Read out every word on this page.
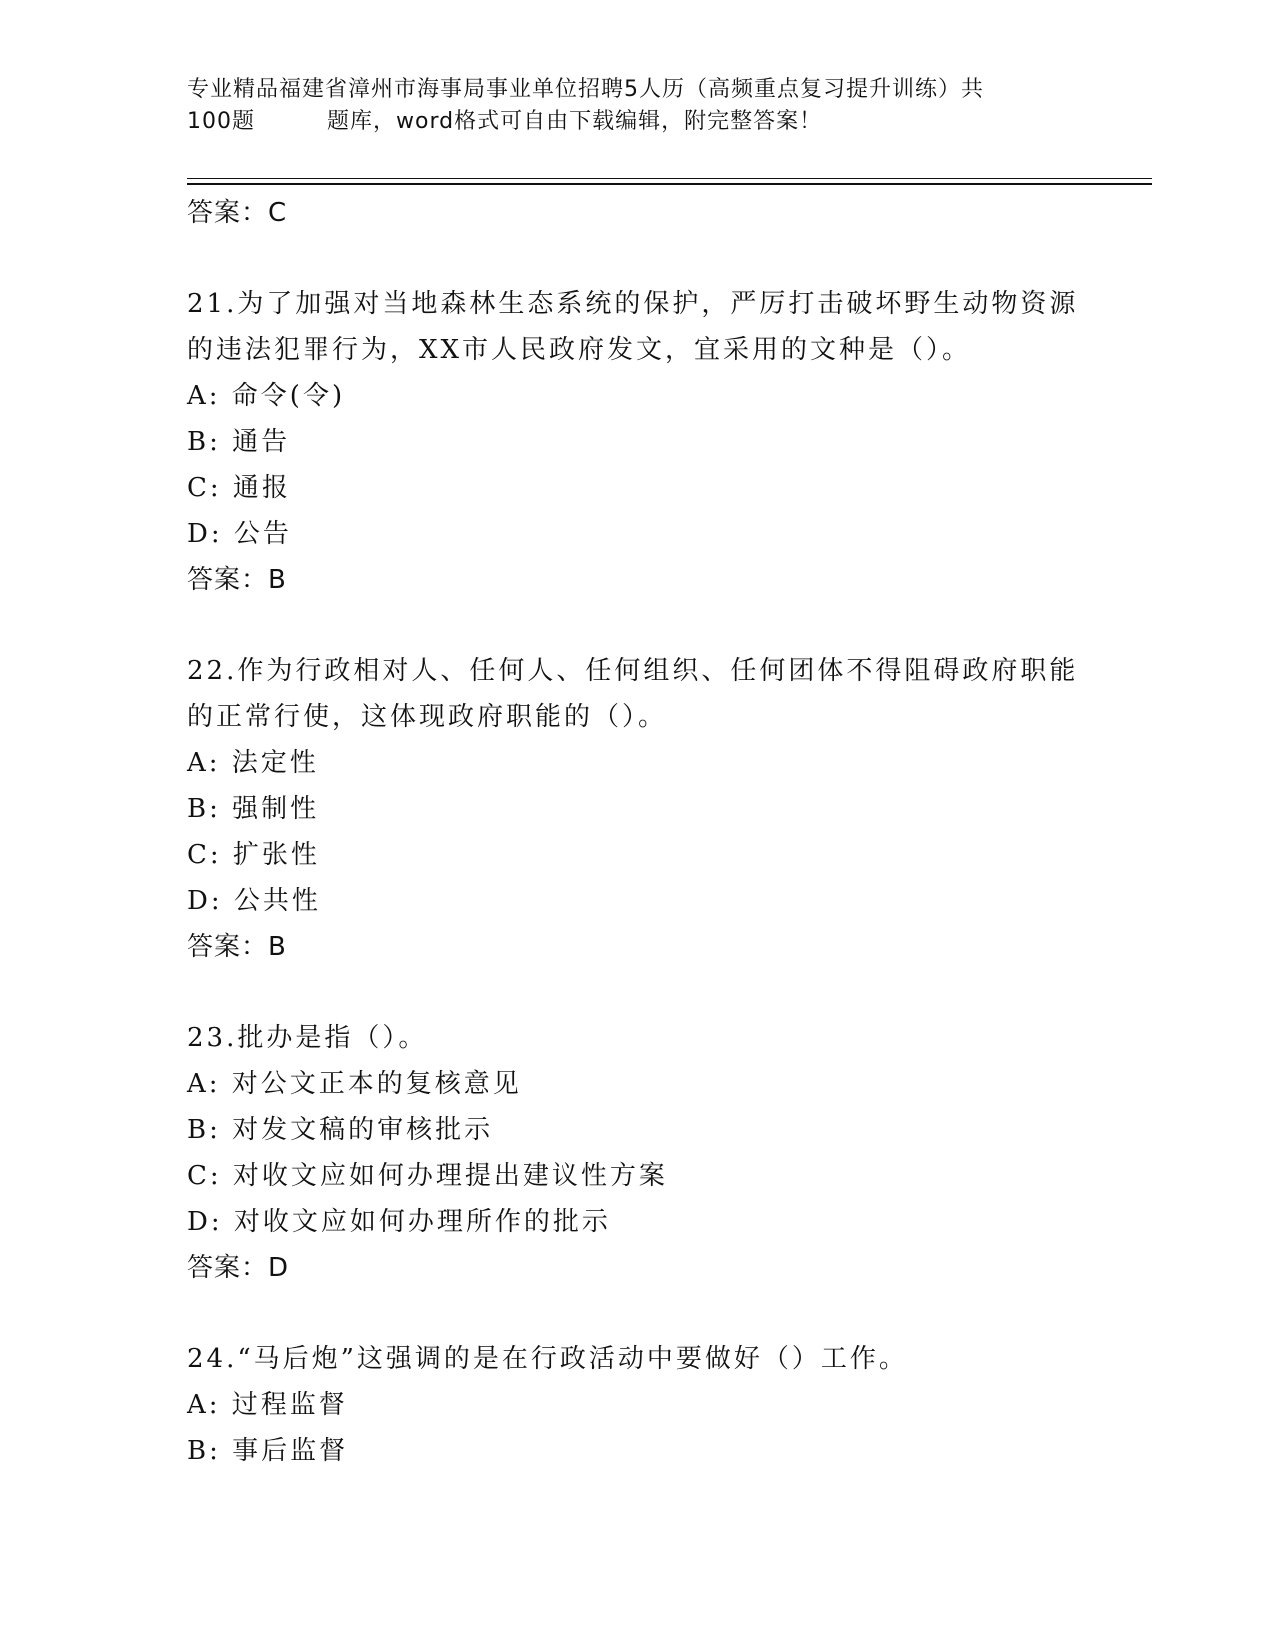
专业精品福建省漳州市海事局事业单位招聘5人历（高频重点复习提升训练）共
100题	题库，word格式可自由下载编辑，附完整答案！
答案：C
21.为了加强对当地森林生态系统的保护，严厉打击破坏野生动物资源
的违法犯罪行为，XX市人民政府发文，宜采用的文种是（）。
A: 命令(令)
B: 通告
C: 通报
D: 公告
答案：B
22.作为行政相对人、任何人、任何组织、任何团体不得阻碍政府职能
的正常行使，这体现政府职能的（）。
A: 法定性
B: 强制性
C: 扩张性
D: 公共性
答案：B
23.批办是指（）。
A: 对公文正本的复核意见
B: 对发文稿的审核批示
C: 对收文应如何办理提出建议性方案
D: 对收文应如何办理所作的批示
答案：D
24.“马后炮”这强调的是在行政活动中要做好（）工作。
A: 过程监督
B: 事后监督
